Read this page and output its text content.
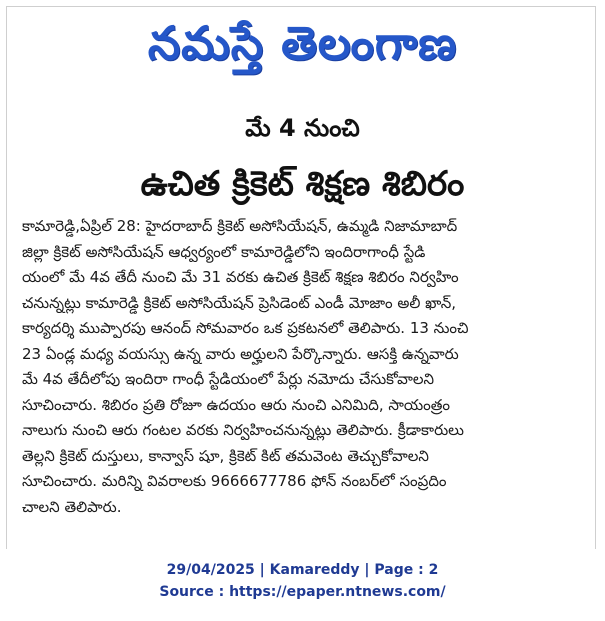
నమస్తే తెలంగాణ
మే 4 నుంచి
ఉచిత క్రికెట్ శిక్షణ శిబిరం
కామారెడ్డి,ఏప్రిల్ 28: హైదరాబాద్ క్రికెట్ అసోసియేషన్, ఉమ్మడి నిజామాబాద్
జిల్లా క్రికెట్ అసోసియేషన్ ఆధ్వర్యంలో కామారెడ్డిలోని ఇందిరాగాంధీ స్టేడి
యంలో మే 4వ తేదీ నుంచి మే 31 వరకు ఉచిత క్రికెట్ శిక్షణ శిబిరం నిర్వహిం
చనున్నట్లు కామారెడ్డి క్రికెట్ అసోసియేషన్ ప్రెసిడెంట్ ఎండీ మోజాం అలీ ఖాన్,
కార్యదర్శి ముప్పారపు ఆనంద్ సోమవారం ఒక ప్రకటనలో తెలిపారు. 13 నుంచి
23 ఏండ్ల మధ్య వయస్సు ఉన్న వారు అర్హులని పేర్కొన్నారు. ఆసక్తి ఉన్నవారు
మే 4వ తేదీలోపు ఇందిరా గాంధీ స్టేడియంలో పేర్లు నమోదు చేసుకోవాలని
సూచించారు. శిబిరం ప్రతి రోజూ ఉదయం ఆరు నుంచి ఎనిమిది, సాయంత్రం
నాలుగు నుంచి ఆరు గంటల వరకు నిర్వహించనున్నట్లు తెలిపారు. క్రీడాకారులు
తెల్లని క్రికెట్ దుస్తులు, కాన్వాస్ షూ, క్రికెట్ కిట్ తమవెంట తెచ్చుకోవాలని
సూచించారు. మరిన్ని వివరాలకు 9666677786 ఫోన్ నంబర్‌లో సంప్రదిం
చాలని తెలిపారు.
29/04/2025 | Kamareddy | Page : 2
Source : https://epaper.ntnews.com/
